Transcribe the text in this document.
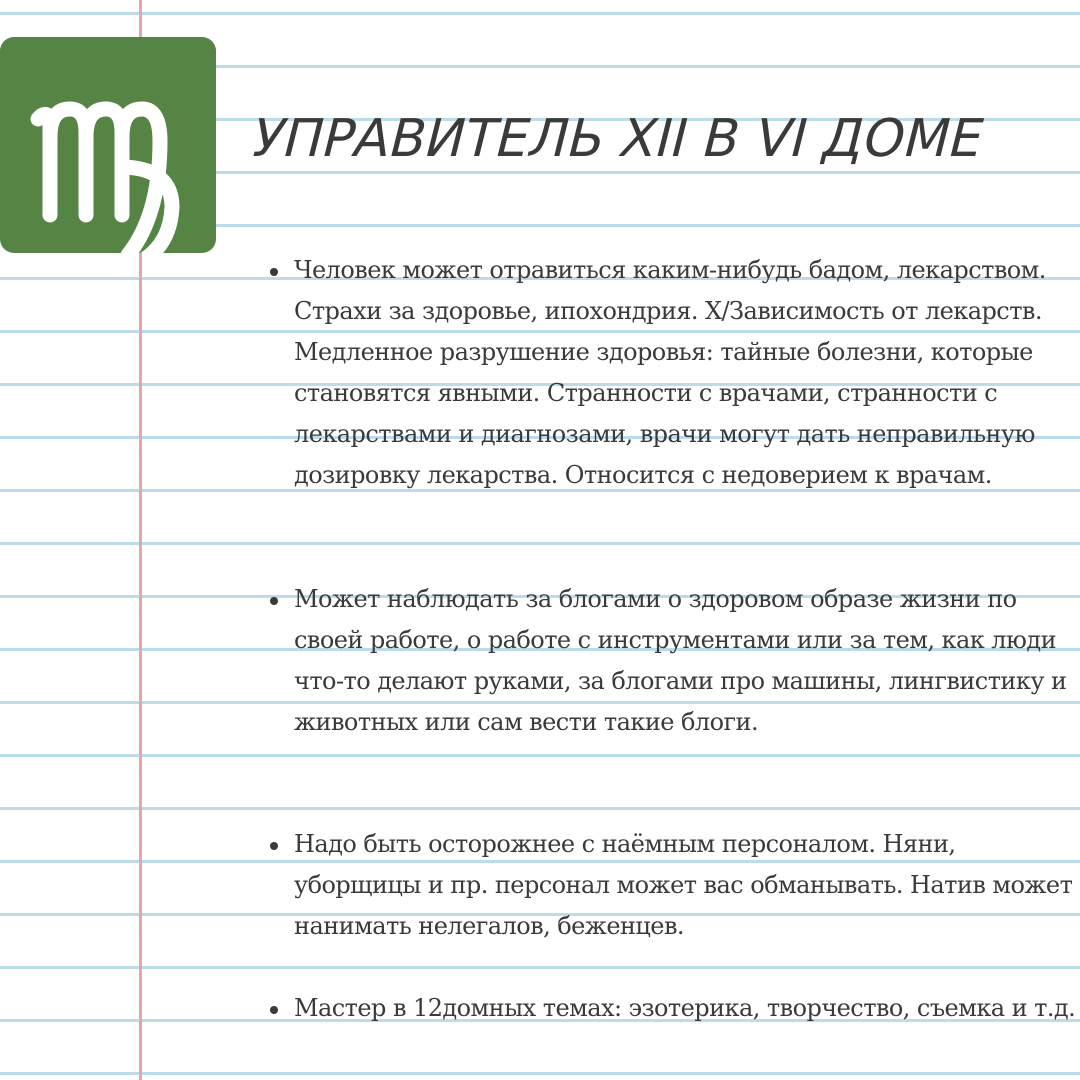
УПРАВИТЕЛЬ XII В VI ДОМЕ
Человек может отравиться каким-нибудь бадом, лекарством. Страхи за здоровье, ипохондрия. Х/Зависимость от лекарств. Медленное разрушение здоровья: тайные болезни, которые становятся явными. Странности с врачами, странности с лекарствами и диагнозами, врачи могут дать неправильную дозировку лекарства. Относится с недоверием к врачам.
Может наблюдать за блогами о здоровом образе жизни по своей работе, о работе с инструментами или за тем, как люди что-то делают руками, за блогами про машины, лингвистику и животных или сам вести такие блоги.
Надо быть осторожнее с наёмным персоналом. Няни, уборщицы и пр. персонал может вас обманывать. Натив может нанимать нелегалов, беженцев.
Мастер в 12домных темах: эзотерика, творчество, съемка и т.д.
